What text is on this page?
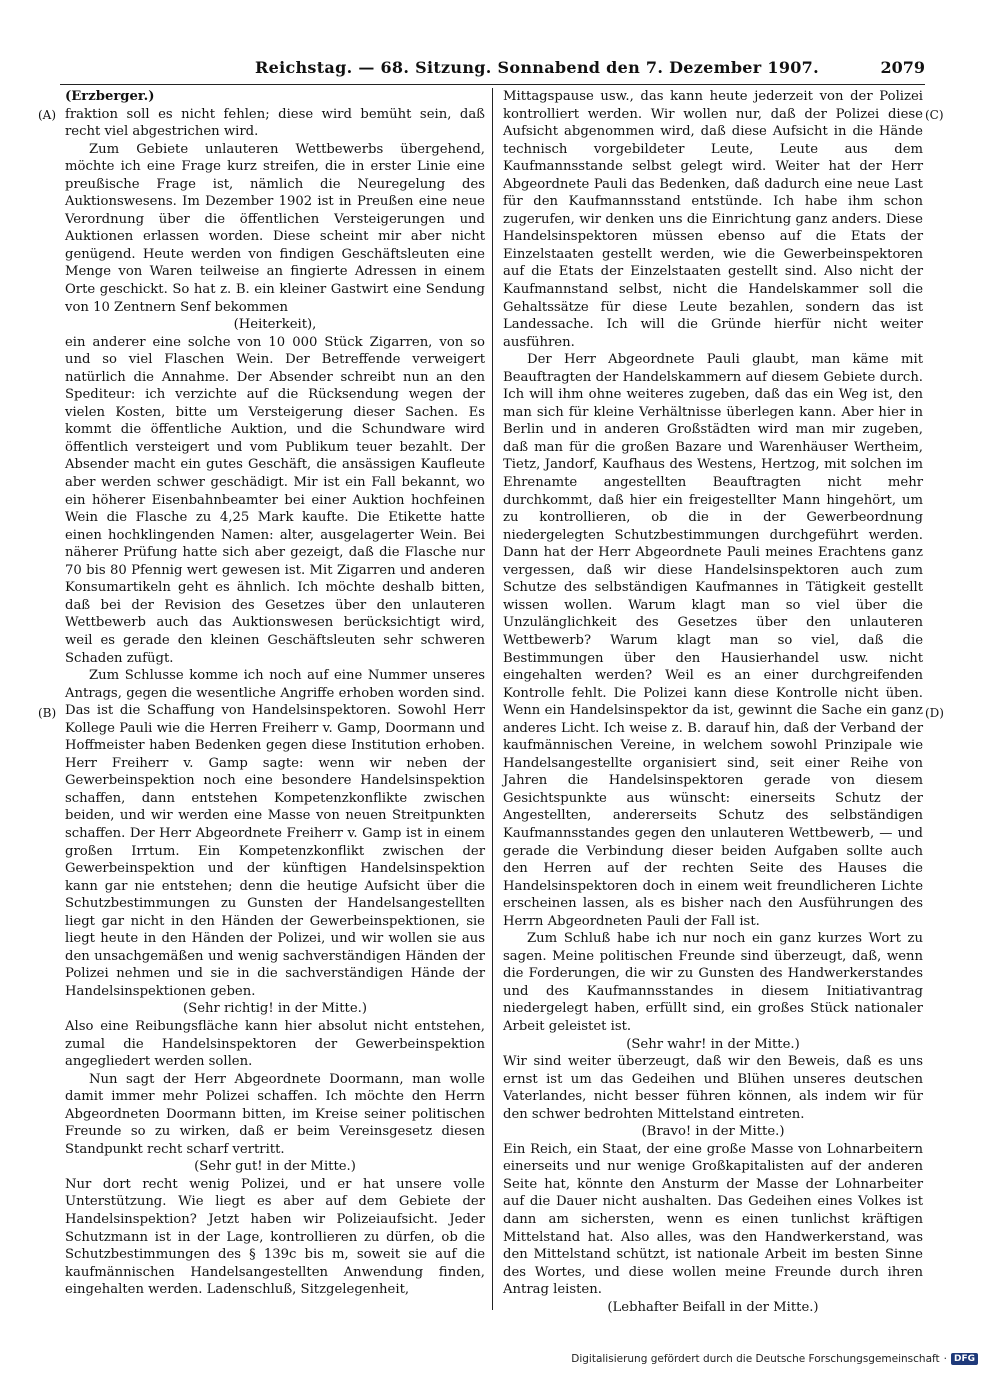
Reichstag. — 68. Sitzung. Sonnabend den 7. Dezember 1907.	2079
(A)
(B)
(C)
(D)

(Erzberger.)

fraktion soll es nicht fehlen; diese wird bemüht sein, daß recht viel abgestrichen wird.

Zum Gebiete unlauteren Wettbewerbs übergehend, möchte ich eine Frage kurz streifen, die in erster Linie eine preußische Frage ist, nämlich die Neuregelung des Auktionswesens. Im Dezember 1902 ist in Preußen eine neue Verordnung über die öffentlichen Versteigerungen und Auktionen erlassen worden. Diese scheint mir aber nicht genügend. Heute werden von findigen Geschäftsleuten eine Menge von Waren teilweise an fingierte Adressen in einem Orte geschickt. So hat z. B. ein kleiner Gastwirt eine Sendung von 10 Zentnern Senf bekommen

(Heiterkeit),

ein anderer eine solche von 10 000 Stück Zigarren, von so und so viel Flaschen Wein. Der Betreffende verweigert natürlich die Annahme. Der Absender schreibt nun an den Spediteur: ich verzichte auf die Rücksendung wegen der vielen Kosten, bitte um Versteigerung dieser Sachen. Es kommt die öffentliche Auktion, und die Schundware wird öffentlich versteigert und vom Publikum teuer bezahlt. Der Absender macht ein gutes Geschäft, die ansässigen Kaufleute aber werden schwer geschädigt. Mir ist ein Fall bekannt, wo ein höherer Eisenbahnbeamter bei einer Auktion hochfeinen Wein die Flasche zu 4,25 Mark kaufte. Die Etikette hatte einen hochklingenden Namen: alter, ausgelagerter Wein. Bei näherer Prüfung hatte sich aber gezeigt, daß die Flasche nur 70 bis 80 Pfennig wert gewesen ist. Mit Zigarren und anderen Konsumartikeln geht es ähnlich. Ich möchte deshalb bitten, daß bei der Revision des Gesetzes über den unlauteren Wettbewerb auch das Auktionswesen berücksichtigt wird, weil es gerade den kleinen Geschäftsleuten sehr schweren Schaden zufügt.

Zum Schlusse komme ich noch auf eine Nummer unseres Antrags, gegen die wesentliche Angriffe erhoben worden sind. Das ist die Schaffung von Handelsinspektoren. Sowohl Herr Kollege Pauli wie die Herren Freiherr v. Gamp, Doormann und Hoffmeister haben Bedenken gegen diese Institution erhoben. Herr Freiherr v. Gamp sagte: wenn wir neben der Gewerbeinspektion noch eine besondere Handelsinspektion schaffen, dann entstehen Kompetenzkonflikte zwischen beiden, und wir werden eine Masse von neuen Streitpunkten schaffen. Der Herr Abgeordnete Freiherr v. Gamp ist in einem großen Irrtum. Ein Kompetenzkonflikt zwischen der Gewerbeinspektion und der künftigen Handelsinspektion kann gar nie entstehen; denn die heutige Aufsicht über die Schutzbestimmungen zu Gunsten der Handelsangestellten liegt gar nicht in den Händen der Gewerbeinspektionen, sie liegt heute in den Händen der Polizei, und wir wollen sie aus den unsachgemäßen und wenig sachverständigen Händen der Polizei nehmen und sie in die sachverständigen Hände der Handelsinspektionen geben.

(Sehr richtig! in der Mitte.)

Also eine Reibungsfläche kann hier absolut nicht entstehen, zumal die Handelsinspektoren der Gewerbeinspektion angegliedert werden sollen.

Nun sagt der Herr Abgeordnete Doormann, man wolle damit immer mehr Polizei schaffen. Ich möchte den Herrn Abgeordneten Doormann bitten, im Kreise seiner politischen Freunde so zu wirken, daß er beim Vereinsgesetz diesen Standpunkt recht scharf vertritt.

(Sehr gut! in der Mitte.)

Nur dort recht wenig Polizei, und er hat unsere volle Unterstützung. Wie liegt es aber auf dem Gebiete der Handelsinspektion? Jetzt haben wir Polizeiaufsicht. Jeder Schutzmann ist in der Lage, kontrollieren zu dürfen, ob die Schutzbestimmungen des § 139c bis m, soweit sie auf die kaufmännischen Handelsangestellten Anwendung finden, eingehalten werden. Ladenschluß, Sitzgelegenheit,

Mittagspause usw., das kann heute jederzeit von der Polizei kontrolliert werden. Wir wollen nur, daß der Polizei diese Aufsicht abgenommen wird, daß diese Aufsicht in die Hände technisch vorgebildeter Leute, Leute aus dem Kaufmannsstande selbst gelegt wird. Weiter hat der Herr Abgeordnete Pauli das Bedenken, daß dadurch eine neue Last für den Kaufmannsstand entstünde. Ich habe ihm schon zugerufen, wir denken uns die Einrichtung ganz anders. Diese Handelsinspektoren müssen ebenso auf die Etats der Einzelstaaten gestellt werden, wie die Gewerbeinspektoren auf die Etats der Einzelstaaten gestellt sind. Also nicht der Kaufmannstand selbst, nicht die Handelskammer soll die Gehaltssätze für diese Leute bezahlen, sondern das ist Landessache. Ich will die Gründe hierfür nicht weiter ausführen.

Der Herr Abgeordnete Pauli glaubt, man käme mit Beauftragten der Handelskammern auf diesem Gebiete durch. Ich will ihm ohne weiteres zugeben, daß das ein Weg ist, den man sich für kleine Verhältnisse überlegen kann. Aber hier in Berlin und in anderen Großstädten wird man mir zugeben, daß man für die großen Bazare und Warenhäuser Wertheim, Tietz, Jandorf, Kaufhaus des Westens, Hertzog, mit solchen im Ehrenamte angestellten Beauftragten nicht mehr durchkommt, daß hier ein freigestellter Mann hingehört, um zu kontrollieren, ob die in der Gewerbeordnung niedergelegten Schutzbestimmungen durchgeführt werden. Dann hat der Herr Abgeordnete Pauli meines Erachtens ganz vergessen, daß wir diese Handelsinspektoren auch zum Schutze des selbständigen Kaufmannes in Tätigkeit gestellt wissen wollen. Warum klagt man so viel über die Unzulänglichkeit des Gesetzes über den unlauteren Wettbewerb? Warum klagt man so viel, daß die Bestimmungen über den Hausierhandel usw. nicht eingehalten werden? Weil es an einer durchgreifenden Kontrolle fehlt. Die Polizei kann diese Kontrolle nicht üben. Wenn ein Handelsinspektor da ist, gewinnt die Sache ein ganz anderes Licht. Ich weise z. B. darauf hin, daß der Verband der kaufmännischen Vereine, in welchem sowohl Prinzipale wie Handelsangestellte organisiert sind, seit einer Reihe von Jahren die Handelsinspektoren gerade von diesem Gesichtspunkte aus wünscht: einerseits Schutz der Angestellten, andererseits Schutz des selbständigen Kaufmannsstandes gegen den unlauteren Wettbewerb, — und gerade die Verbindung dieser beiden Aufgaben sollte auch den Herren auf der rechten Seite des Hauses die Handelsinspektoren doch in einem weit freundlicheren Lichte erscheinen lassen, als es bisher nach den Ausführungen des Herrn Abgeordneten Pauli der Fall ist.

Zum Schluß habe ich nur noch ein ganz kurzes Wort zu sagen. Meine politischen Freunde sind überzeugt, daß, wenn die Forderungen, die wir zu Gunsten des Handwerkerstandes und des Kaufmannsstandes in diesem Initiativantrag niedergelegt haben, erfüllt sind, ein großes Stück nationaler Arbeit geleistet ist.

(Sehr wahr! in der Mitte.)

Wir sind weiter überzeugt, daß wir den Beweis, daß es uns ernst ist um das Gedeihen und Blühen unseres deutschen Vaterlandes, nicht besser führen können, als indem wir für den schwer bedrohten Mittelstand eintreten.

(Bravo! in der Mitte.)

Ein Reich, ein Staat, der eine große Masse von Lohnarbeitern einerseits und nur wenige Großkapitalisten auf der anderen Seite hat, könnte den Ansturm der Masse der Lohnarbeiter auf die Dauer nicht aushalten. Das Gedeihen eines Volkes ist dann am sichersten, wenn es einen tunlichst kräftigen Mittelstand hat. Also alles, was den Handwerkerstand, was den Mittelstand schützt, ist nationale Arbeit im besten Sinne des Wortes, und diese wollen meine Freunde durch ihren Antrag leisten.

(Lebhafter Beifall in der Mitte.)

Digitalisierung gefördert durch die Deutsche Forschungsgemeinschaft · DFG
